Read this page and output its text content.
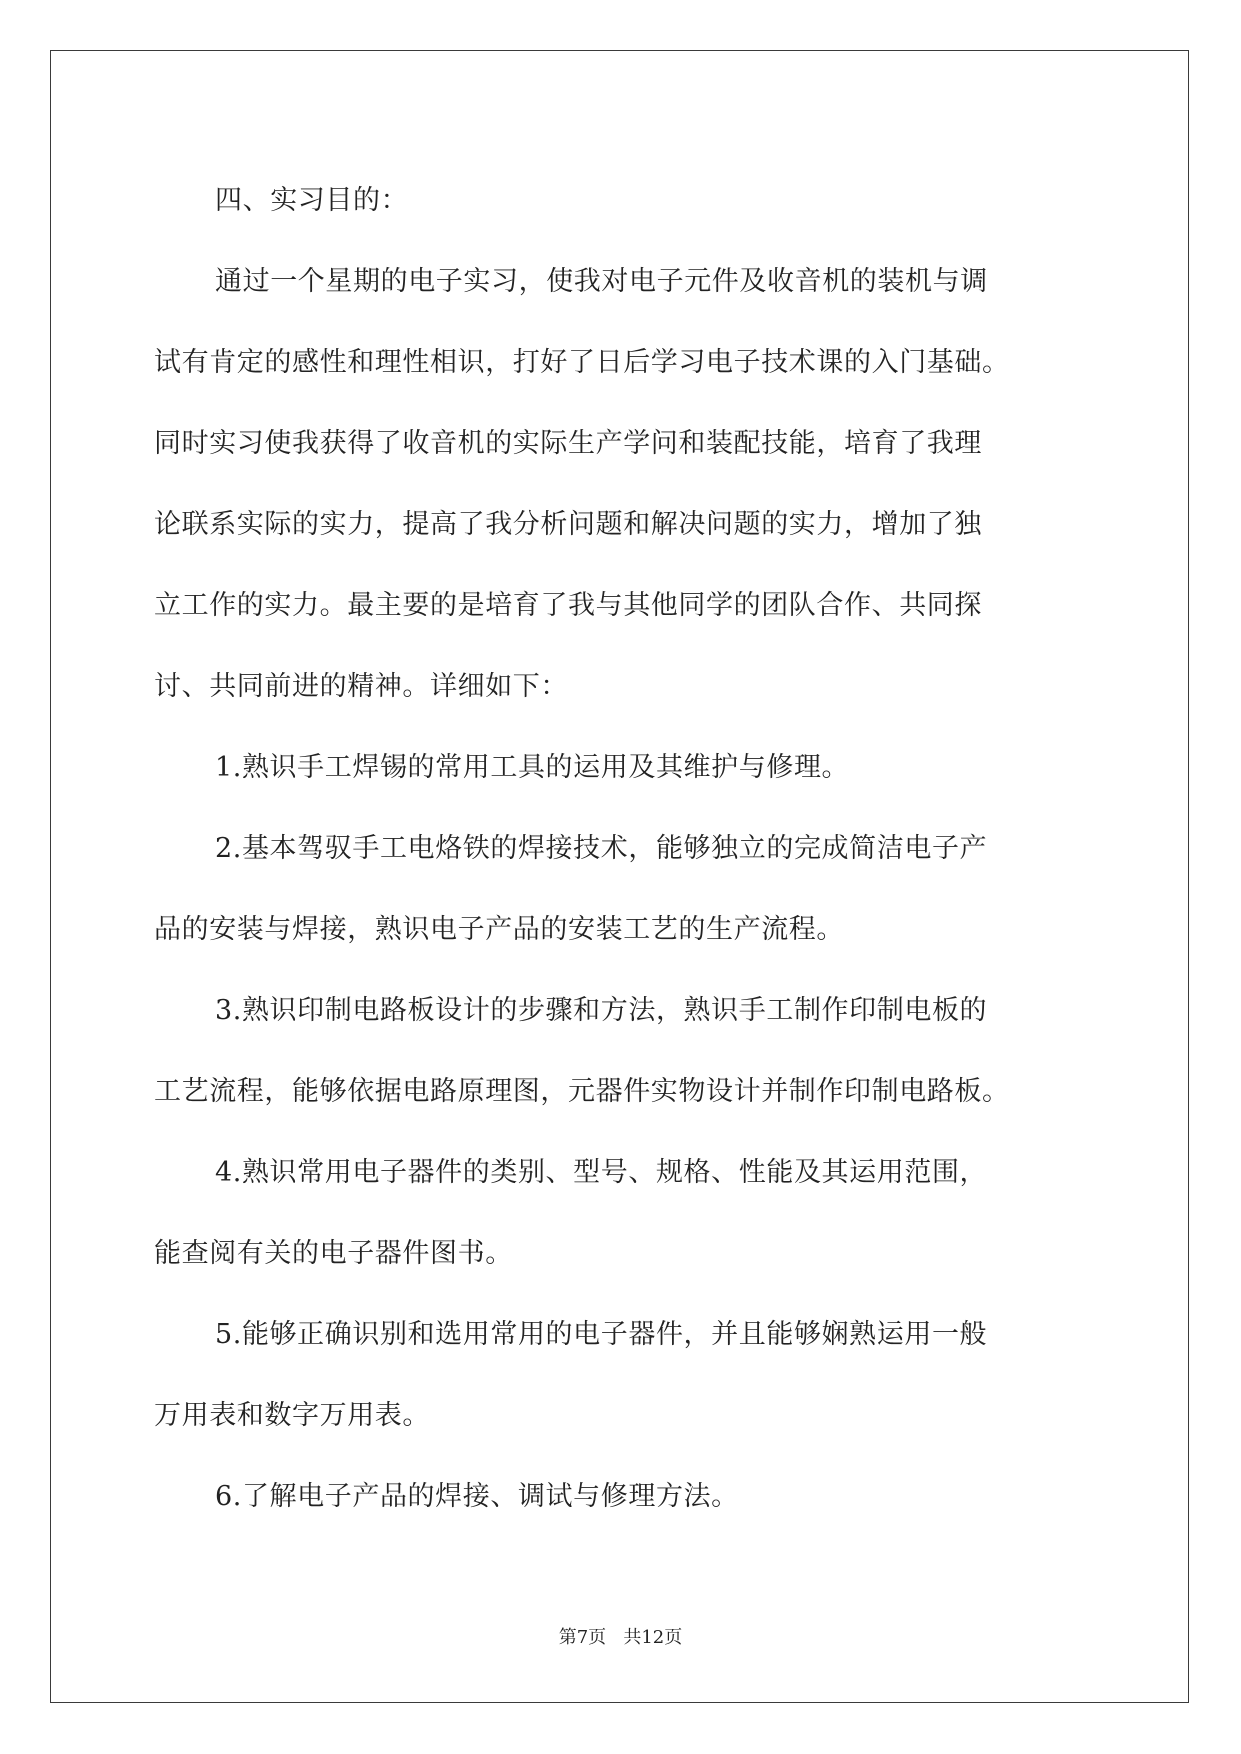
四、实习目的：
通过一个星期的电子实习，使我对电子元件及收音机的装机与调
试有肯定的感性和理性相识，打好了日后学习电子技术课的入门基础。
同时实习使我获得了收音机的实际生产学问和装配技能，培育了我理
论联系实际的实力，提高了我分析问题和解决问题的实力，增加了独
立工作的实力。最主要的是培育了我与其他同学的团队合作、共同探
讨、共同前进的精神。详细如下：
1.熟识手工焊锡的常用工具的运用及其维护与修理。
2.基本驾驭手工电烙铁的焊接技术，能够独立的完成简洁电子产
品的安装与焊接，熟识电子产品的安装工艺的生产流程。
3.熟识印制电路板设计的步骤和方法，熟识手工制作印制电板的
工艺流程，能够依据电路原理图，元器件实物设计并制作印制电路板。
4.熟识常用电子器件的类别、型号、规格、性能及其运用范围，
能查阅有关的电子器件图书。
5.能够正确识别和选用常用的电子器件，并且能够娴熟运用一般
万用表和数字万用表。
6.了解电子产品的焊接、调试与修理方法。
第7页   共12页
